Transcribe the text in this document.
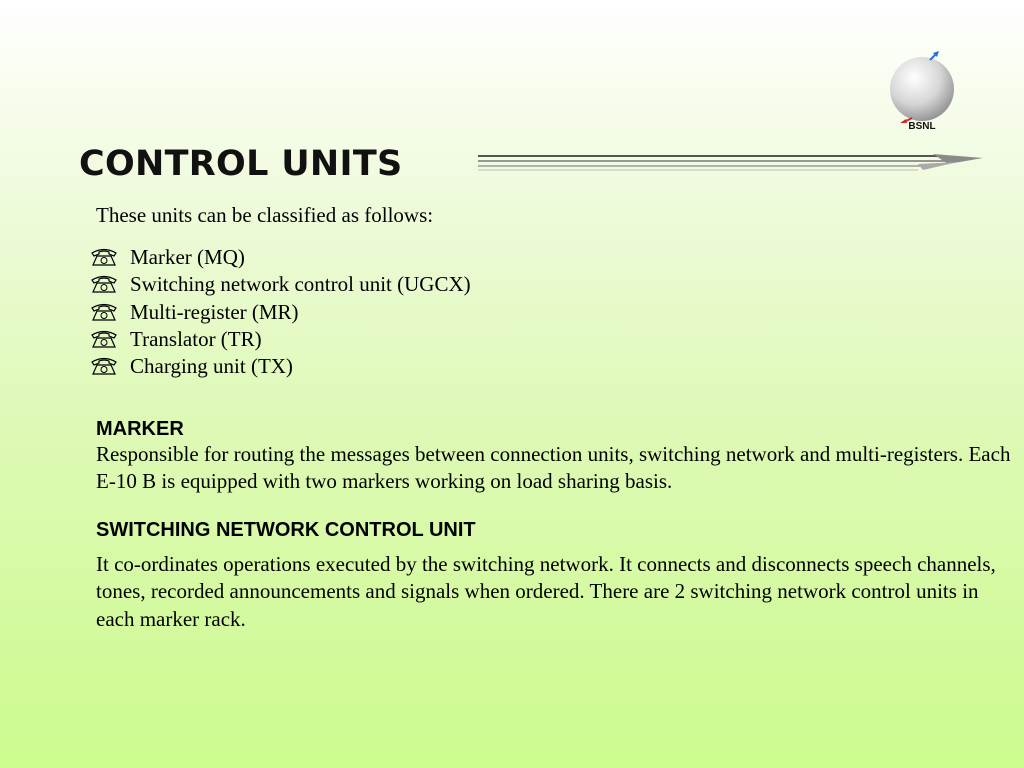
BSNL
CONTROL UNITS

These units can be classified as follows:

Marker (MQ)
Switching network control unit (UGCX)
Multi-register (MR)
Translator (TR)
Charging unit (TX)
MARKER

Responsible for routing the messages between connection units, switching network and multi-registers. Each E-10 B is equipped with two markers working on load sharing basis.

SWITCHING NETWORK CONTROL UNIT

It co-ordinates operations executed by the switching network. It connects and disconnects speech channels, tones, recorded announcements and signals when ordered. There are 2 switching network control units in each marker rack.
